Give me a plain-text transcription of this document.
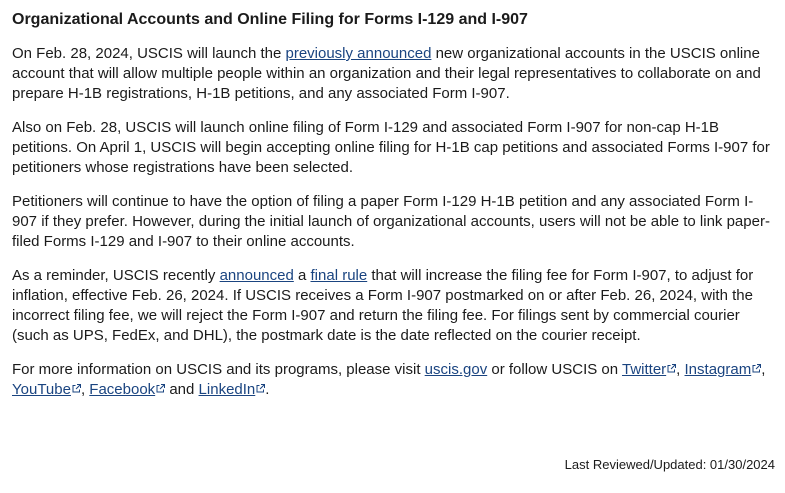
Organizational Accounts and Online Filing for Forms I-129 and I-907

On Feb. 28, 2024, USCIS will launch the previously announced new organizational accounts in the USCIS online account that will allow multiple people within an organization and their legal representatives to collaborate on and prepare H-1B registrations, H-1B petitions, and any associated Form I-907.

Also on Feb. 28, USCIS will launch online filing of Form I-129 and associated Form I-907 for non-cap H-1B petitions. On April 1, USCIS will begin accepting online filing for H-1B cap petitions and associated Forms I-907 for petitioners whose registrations have been selected.

Petitioners will continue to have the option of filing a paper Form I-129 H-1B petition and any associated Form I-907 if they prefer. However, during the initial launch of organizational accounts, users will not be able to link paper-filed Forms I-129 and I-907 to their online accounts.

As a reminder, USCIS recently announced a final rule that will increase the filing fee for Form I-907, to adjust for inflation, effective Feb. 26, 2024. If USCIS receives a Form I-907 postmarked on or after Feb. 26, 2024, with the incorrect filing fee, we will reject the Form I-907 and return the filing fee. For filings sent by commercial courier (such as UPS, FedEx, and DHL), the postmark date is the date reflected on the courier receipt.

For more information on USCIS and its programs, please visit uscis.gov or follow USCIS on Twitter , Instagram , YouTube , Facebook
and LinkedIn .

Last Reviewed/Updated: 01/30/2024
